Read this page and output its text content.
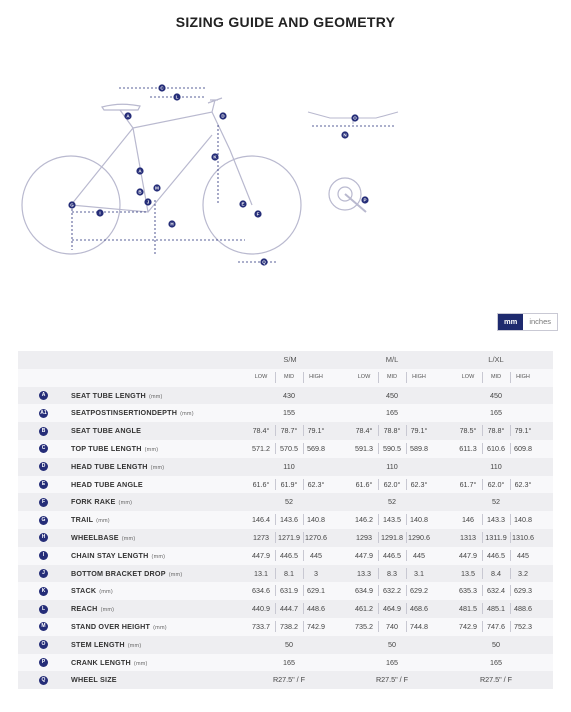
SIZING GUIDE AND GEOMETRY
C
L
D
A
K
A
B
M
J
G	E
F
I
H
Q
O
N
P
mm	inches
S/M	M/L	L/XL
LOW	MID	HIGH	LOW	MID	HIGH	LOW	MID	HIGH
A	SEAT TUBE LENGTH (mm)	430	450	450
A1	SEATPOSTINSERTIONDEPTH (mm)	155	165	165
B	SEAT TUBE ANGLE	78.4°	78.7°	79.1°	78.4°	78.8°	79.1°	78.5°	78.8°	79.1°
C	TOP TUBE LENGTH (mm)	571.2	570.5	569.8	591.3	590.5	589.8	611.3	610.6	609.8
D	HEAD TUBE LENGTH (mm)	110	110	110
E	HEAD TUBE ANGLE	61.6°	61.9°	62.3°	61.6°	62.0°	62.3°	61.7°	62.0°	62.3°
F	FORK RAKE (mm)	52	52	52
G	TRAIL (mm)	146.4	143.6	140.8	146.2	143.5	140.8	146	143.3	140.8
H	WHEELBASE (mm)	1273	1271.9 1270.6	1293	1291.8 1290.6	1313	1311.9 1310.6
I	CHAIN STAY LENGTH (mm)	447.9	446.5	445	447.9	446.5	445	447.9	446.5	445
J	BOTTOM BRACKET DROP (mm)	13.1	8.1	3	13.3	8.3	3.1	13.5	8.4	3.2
K	STACK (mm)	634.6	631.9	629.1	634.9	632.2	629.2	635.3	632.4	629.3
L	REACH (mm)	440.9	444.7	448.6	461.2	464.9	468.6	481.5	485.1	488.6
M	STAND OVER HEIGHT (mm)	733.7	738.2	742.9	735.2	740	744.8	742.9	747.6	752.3
O	STEM LENGTH (mm)	50	50	50
P	CRANK LENGTH (mm)	165	165	165
Q	WHEEL SIZE	R27.5" / F	R27.5" / F	R27.5" / F
